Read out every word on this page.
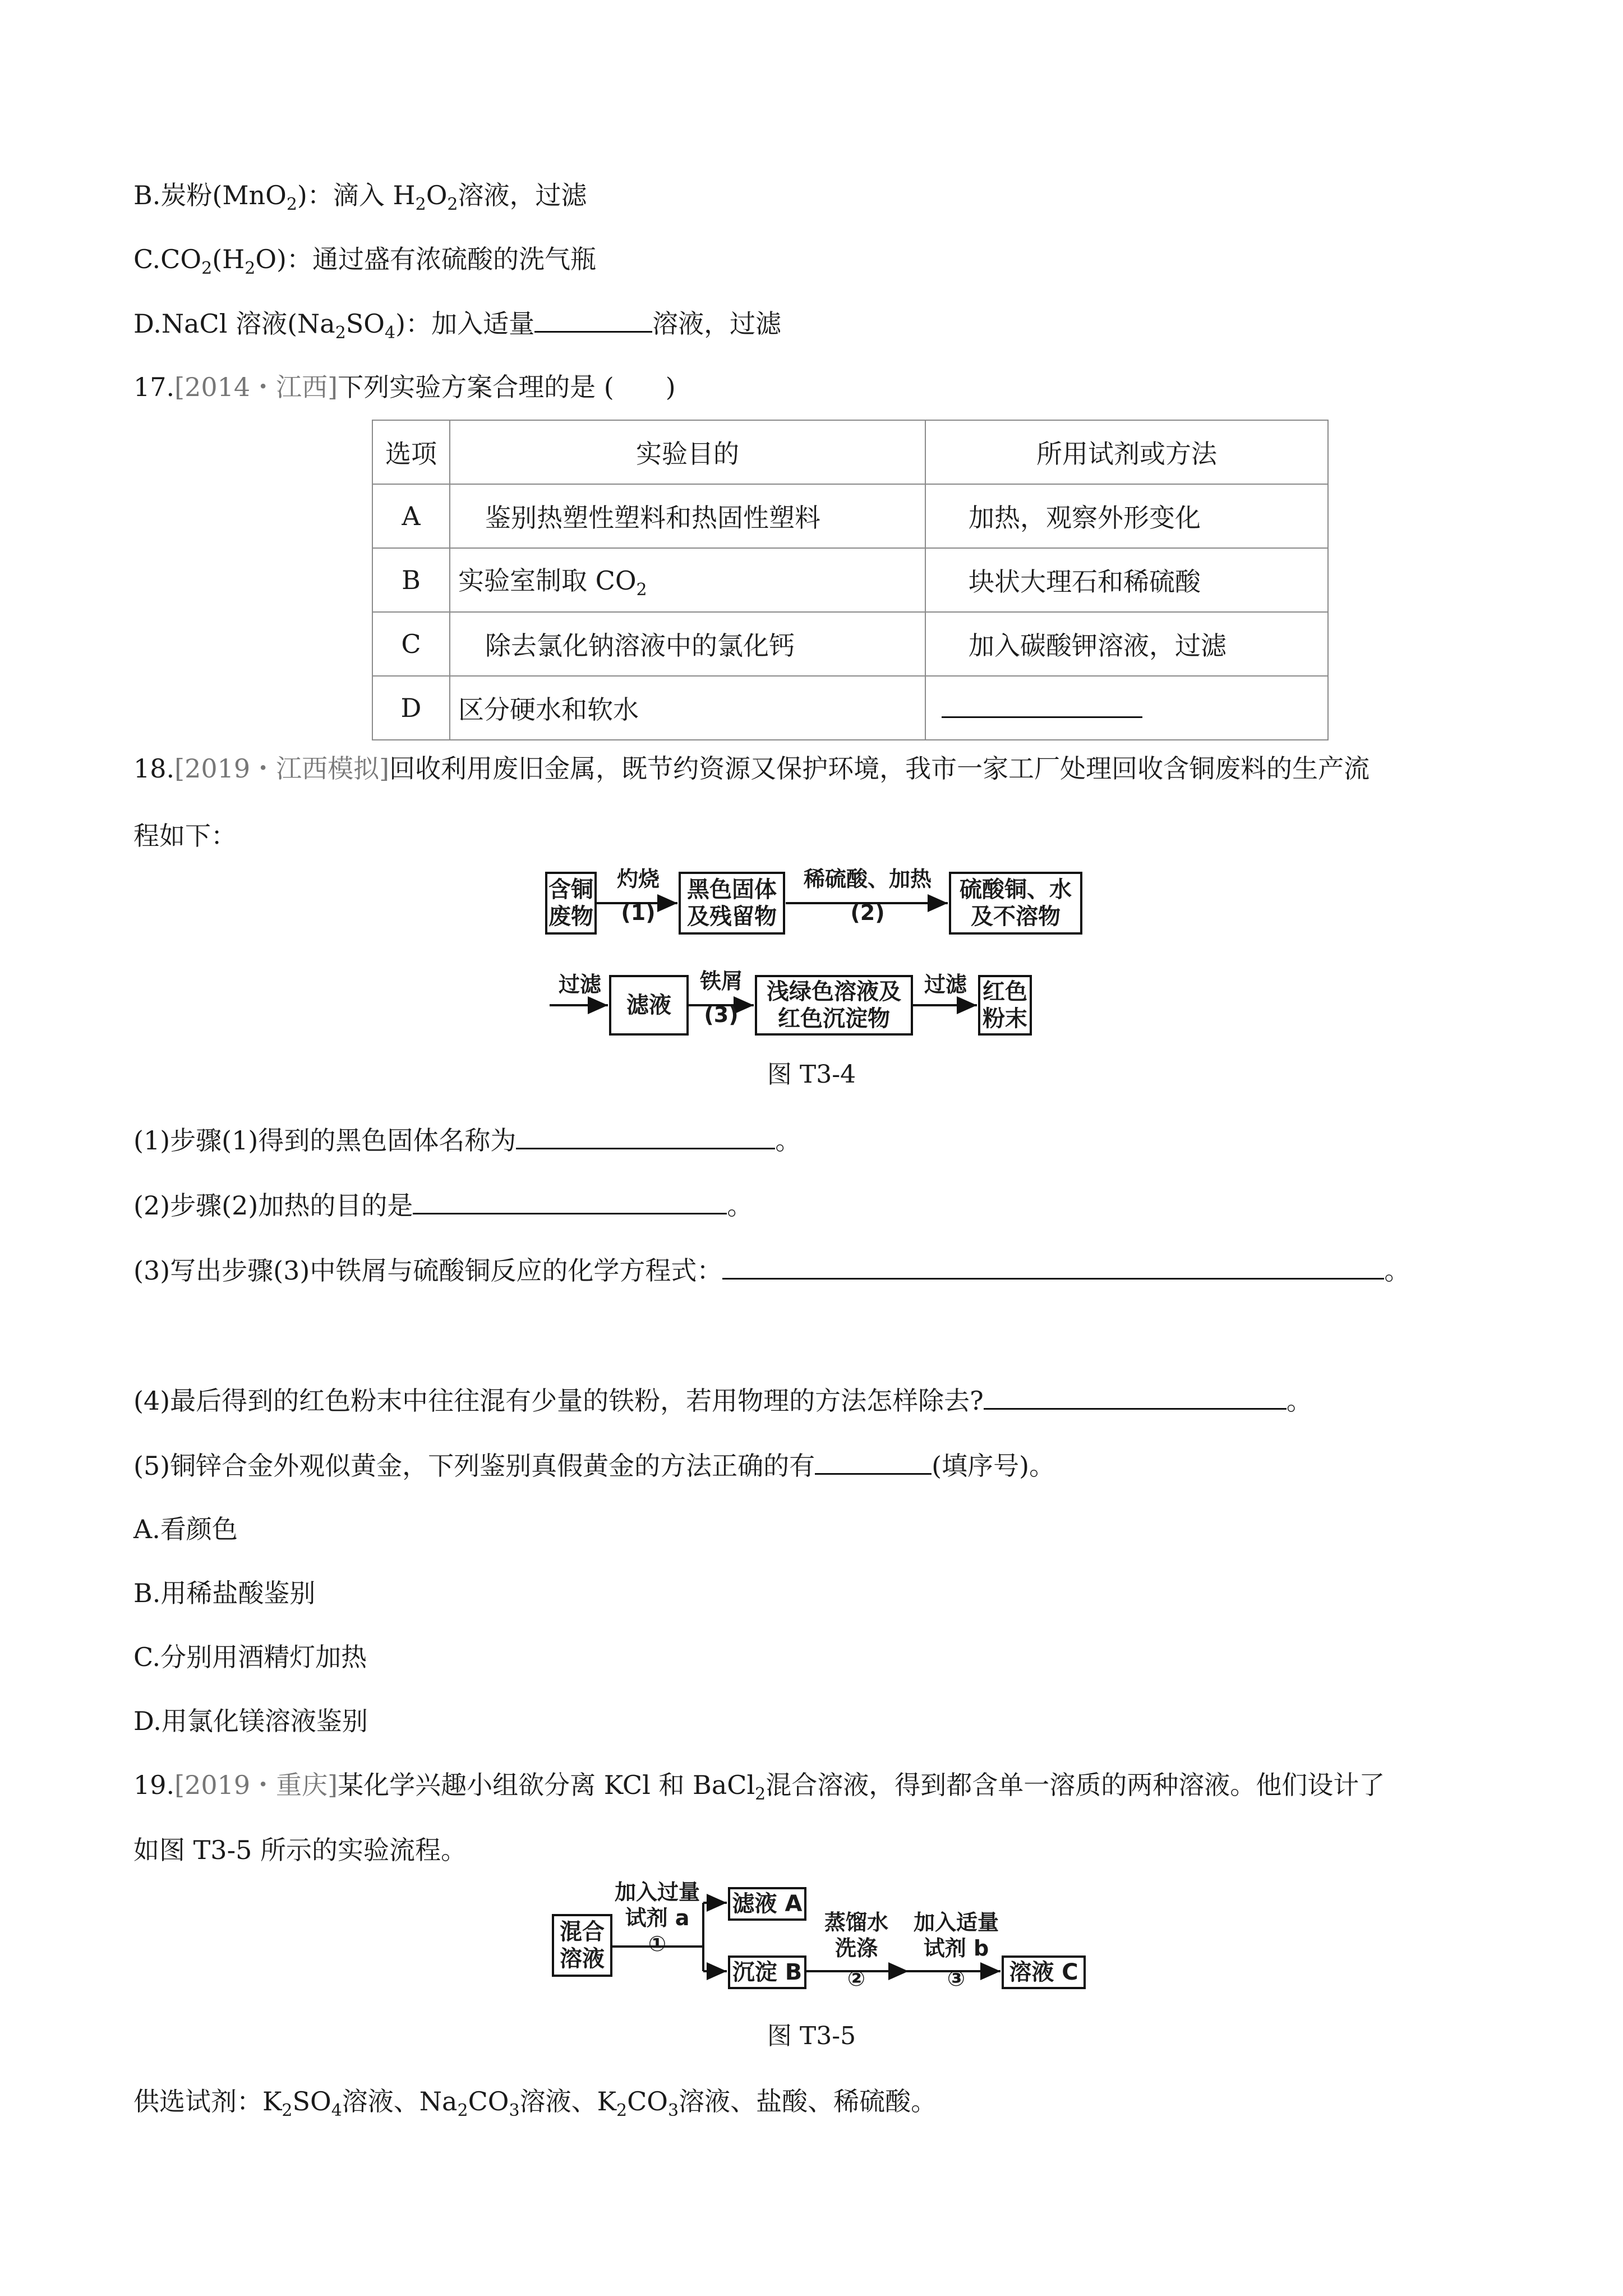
B.炭粉(MnO$_2$)：滴入 $H_2O_2$溶液，过滤
$C.CO_2(H_2O)$：通过盛有浓硫酸的洗气瓶
D.NaCl 溶液$(Na_2SO_4)$：加入适量	溶液，过滤
17.[2014・江西]下列实验方案合理的是 (　　)
选项	实验目的	所用试剂或方法
A	鉴别热塑性塑料和热固性塑料	加热，观察外形变化
B	实验室制取 $CO_2$	块状大理石和稀硫酸
C	除去氯化钠溶液中的氯化钙	加入碳酸钾溶液，过滤
D	区分硬水和软水	
18.[2019・江西模拟]回收利用废旧金属，既节约资源又保护环境，我市一家工厂处理回收含铜废料的生产流
程如下：
含铜
废物
灼烧
(1)
黑色固体
及残留物
稀硫酸、加热
(2)
硫酸铜、水
及不溶物
过滤
滤液
铁屑
(3)
浅绿色溶液及
红色沉淀物
过滤 红色
粉末
图 T3-4
(1)步骤(1)得到的黑色固体名称为	。
(2)步骤(2)加热的目的是	。
(3)写出步骤(3)中铁屑与硫酸铜反应的化学方程式：	。
(4)最后得到的红色粉末中往往混有少量的铁粉，若用物理的方法怎样除去?	。
(5)铜锌合金外观似黄金，下列鉴别真假黄金的方法正确的有	(填序号)。
A.看颜色
B.用稀盐酸鉴别
C.分别用酒精灯加热
D.用氯化镁溶液鉴别
19.[2019・重庆]某化学兴趣小组欲分离 KCl 和 BaCl$_2$混合溶液，得到都含单一溶质的两种溶液。他们设计了
如图 T3-5 所示的实验流程。
混合
溶液
加入过量
试剂 a
①
滤液 A
沉淀 B
蒸馏水
洗涤
②
加入适量
试剂 b
③	溶液 C
图 T3-5
供选试剂：$K_2SO_4$溶液、$Na_2CO_3$溶液、$K_2CO_3$溶液、盐酸、稀硫酸。
